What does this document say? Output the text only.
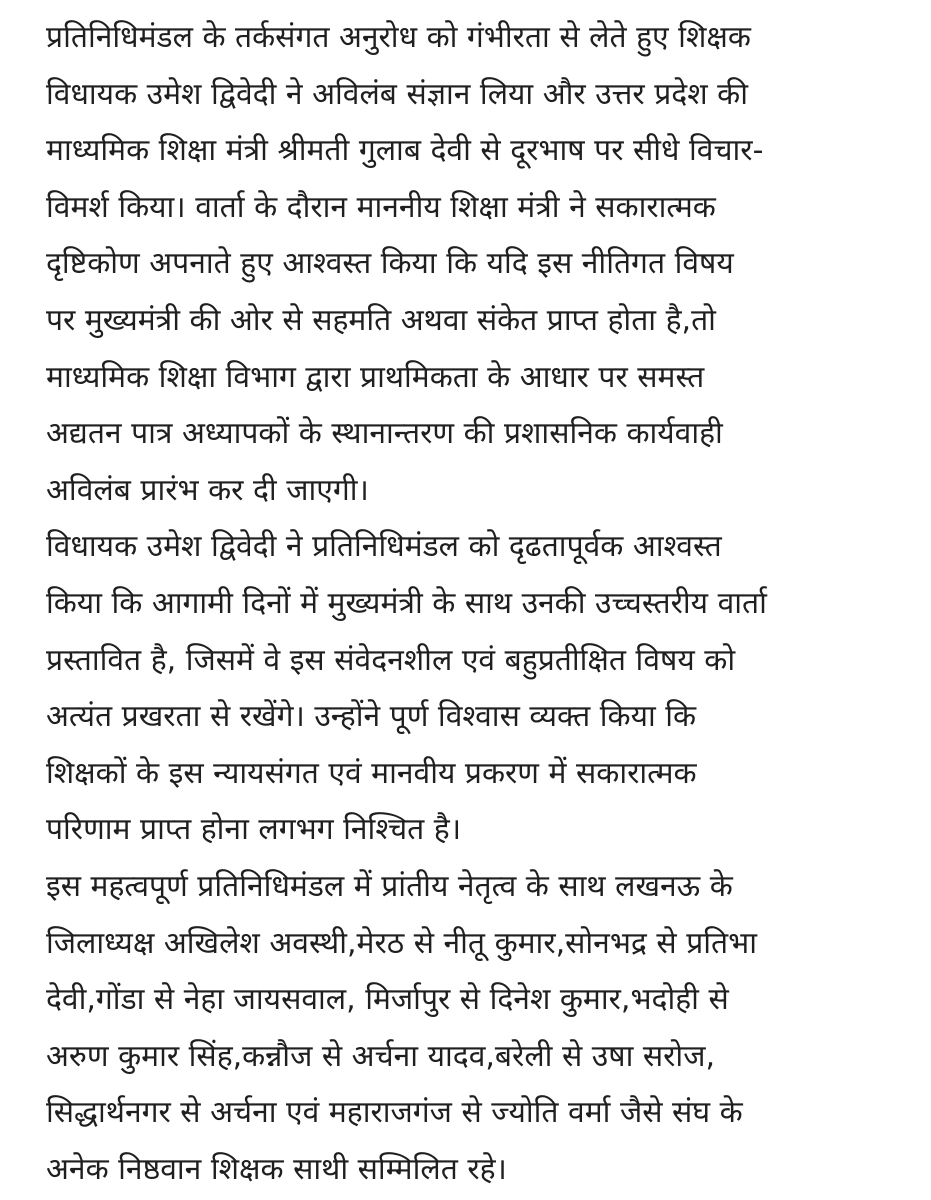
प्रतिनिधिमंडल के तर्कसंगत अनुरोध को गंभीरता से लेते हुए शिक्षक
विधायक उमेश द्विवेदी ने अविलंब संज्ञान लिया और उत्तर प्रदेश की
माध्यमिक शिक्षा मंत्री श्रीमती गुलाब देवी से दूरभाष पर सीधे विचार-
विमर्श किया। वार्ता के दौरान माननीय शिक्षा मंत्री ने सकारात्मक
दृष्टिकोण अपनाते हुए आश्वस्त किया कि यदि इस नीतिगत विषय
पर मुख्यमंत्री की ओर से सहमति अथवा संकेत प्राप्त होता है,तो
माध्यमिक शिक्षा विभाग द्वारा प्राथमिकता के आधार पर समस्त
अद्यतन पात्र अध्यापकों के स्थानान्तरण की प्रशासनिक कार्यवाही
अविलंब प्रारंभ कर दी जाएगी।
विधायक उमेश द्विवेदी ने प्रतिनिधिमंडल को दृढतापूर्वक आश्वस्त
किया कि आगामी दिनों में मुख्यमंत्री के साथ उनकी उच्चस्तरीय वार्ता
प्रस्तावित है, जिसमें वे इस संवेदनशील एवं बहुप्रतीक्षित विषय को
अत्यंत प्रखरता से रखेंगे। उन्होंने पूर्ण विश्वास व्यक्त किया कि
शिक्षकों के इस न्यायसंगत एवं मानवीय प्रकरण में सकारात्मक
परिणाम प्राप्त होना लगभग निश्चित है।
इस महत्वपूर्ण प्रतिनिधिमंडल में प्रांतीय नेतृत्व के साथ लखनऊ के
जिलाध्यक्ष अखिलेश अवस्थी,मेरठ से नीतू कुमार,सोनभद्र से प्रतिभा
देवी,गोंडा से नेहा जायसवाल, मिर्जापुर से दिनेश कुमार,भदोही से
अरुण कुमार सिंह,कन्नौज से अर्चना यादव,बरेली से उषा सरोज,
सिद्धार्थनगर से अर्चना एवं महाराजगंज से ज्योति वर्मा जैसे संघ के
अनेक निष्ठवान शिक्षक साथी सम्मिलित रहे।
